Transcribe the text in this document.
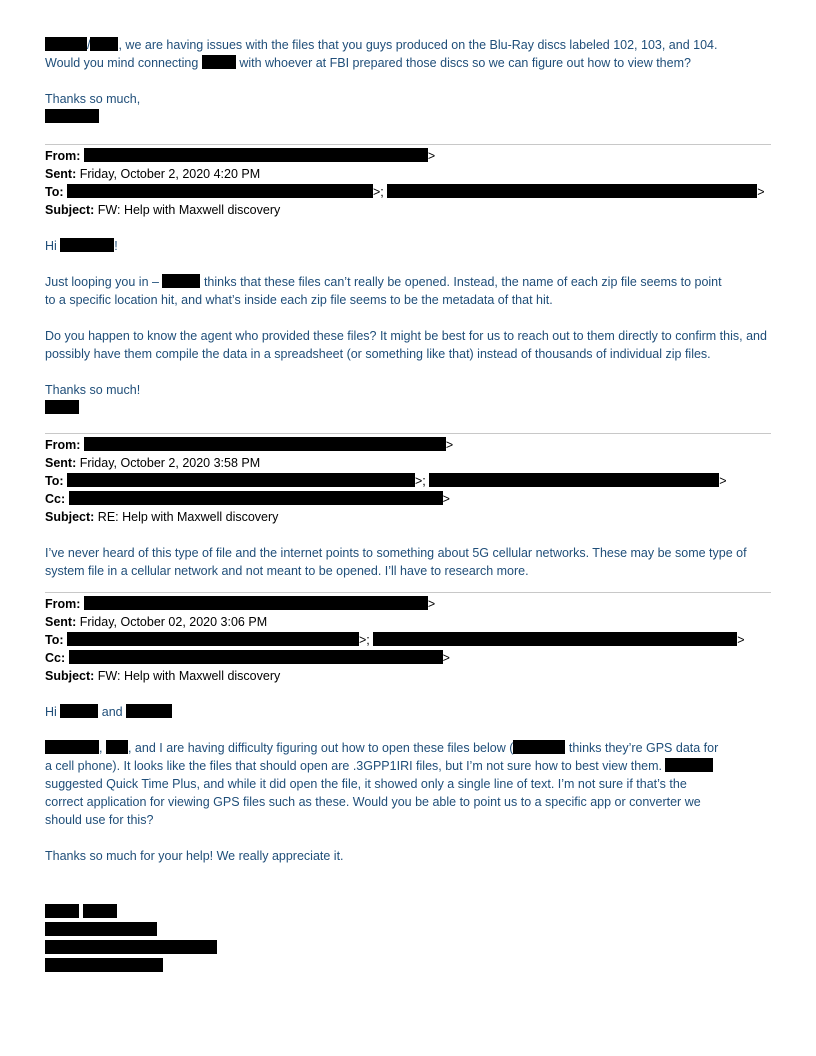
/ , we are having issues with the files that you guys produced on the Blu-Ray discs labeled 102, 103, and 104.
Would you mind connecting	with whoever at FBI prepared those discs so we can figure out how to view them?
Thanks so much,
From:	>
Sent: Friday, October 2, 2020 4:20 PM
To:	>;	>
Subject: FW: Help with Maxwell discovery
Hi	!
Just looping you in –	thinks that these files can’t really be opened. Instead, the name of each zip file seems to point
to a specific location hit, and what’s inside each zip file seems to be the metadata of that hit.
Do you happen to know the agent who provided these files? It might be best for us to reach out to them directly to confirm this, and possibly have them compile the data in a spreadsheet (or something like that) instead of thousands of individual zip files.
Thanks so much!
From:	>
Sent: Friday, October 2, 2020 3:58 PM
To:	>;	>
Cc:	>
Subject: RE: Help with Maxwell discovery
I’ve never heard of this type of file and the internet points to something about 5G cellular networks. These may be some type of system file in a cellular network and not meant to be opened. I’ll have to research more.
From:	>
Sent: Friday, October 02, 2020 3:06 PM
To:	>;	>
Cc:	>
Subject: FW: Help with Maxwell discovery
Hi	and
, , and I are having difficulty figuring out how to open these files below (	thinks they’re GPS data for
a cell phone). It looks like the files that should open are .3GPP1IRI files, but I’m not sure how to best view them.
suggested Quick Time Plus, and while it did open the file, it showed only a single line of text. I’m not sure if that’s the
correct application for viewing GPS files such as these. Would you be able to point us to a specific app or converter we
should use for this?
Thanks so much for your help! We really appreciate it.
